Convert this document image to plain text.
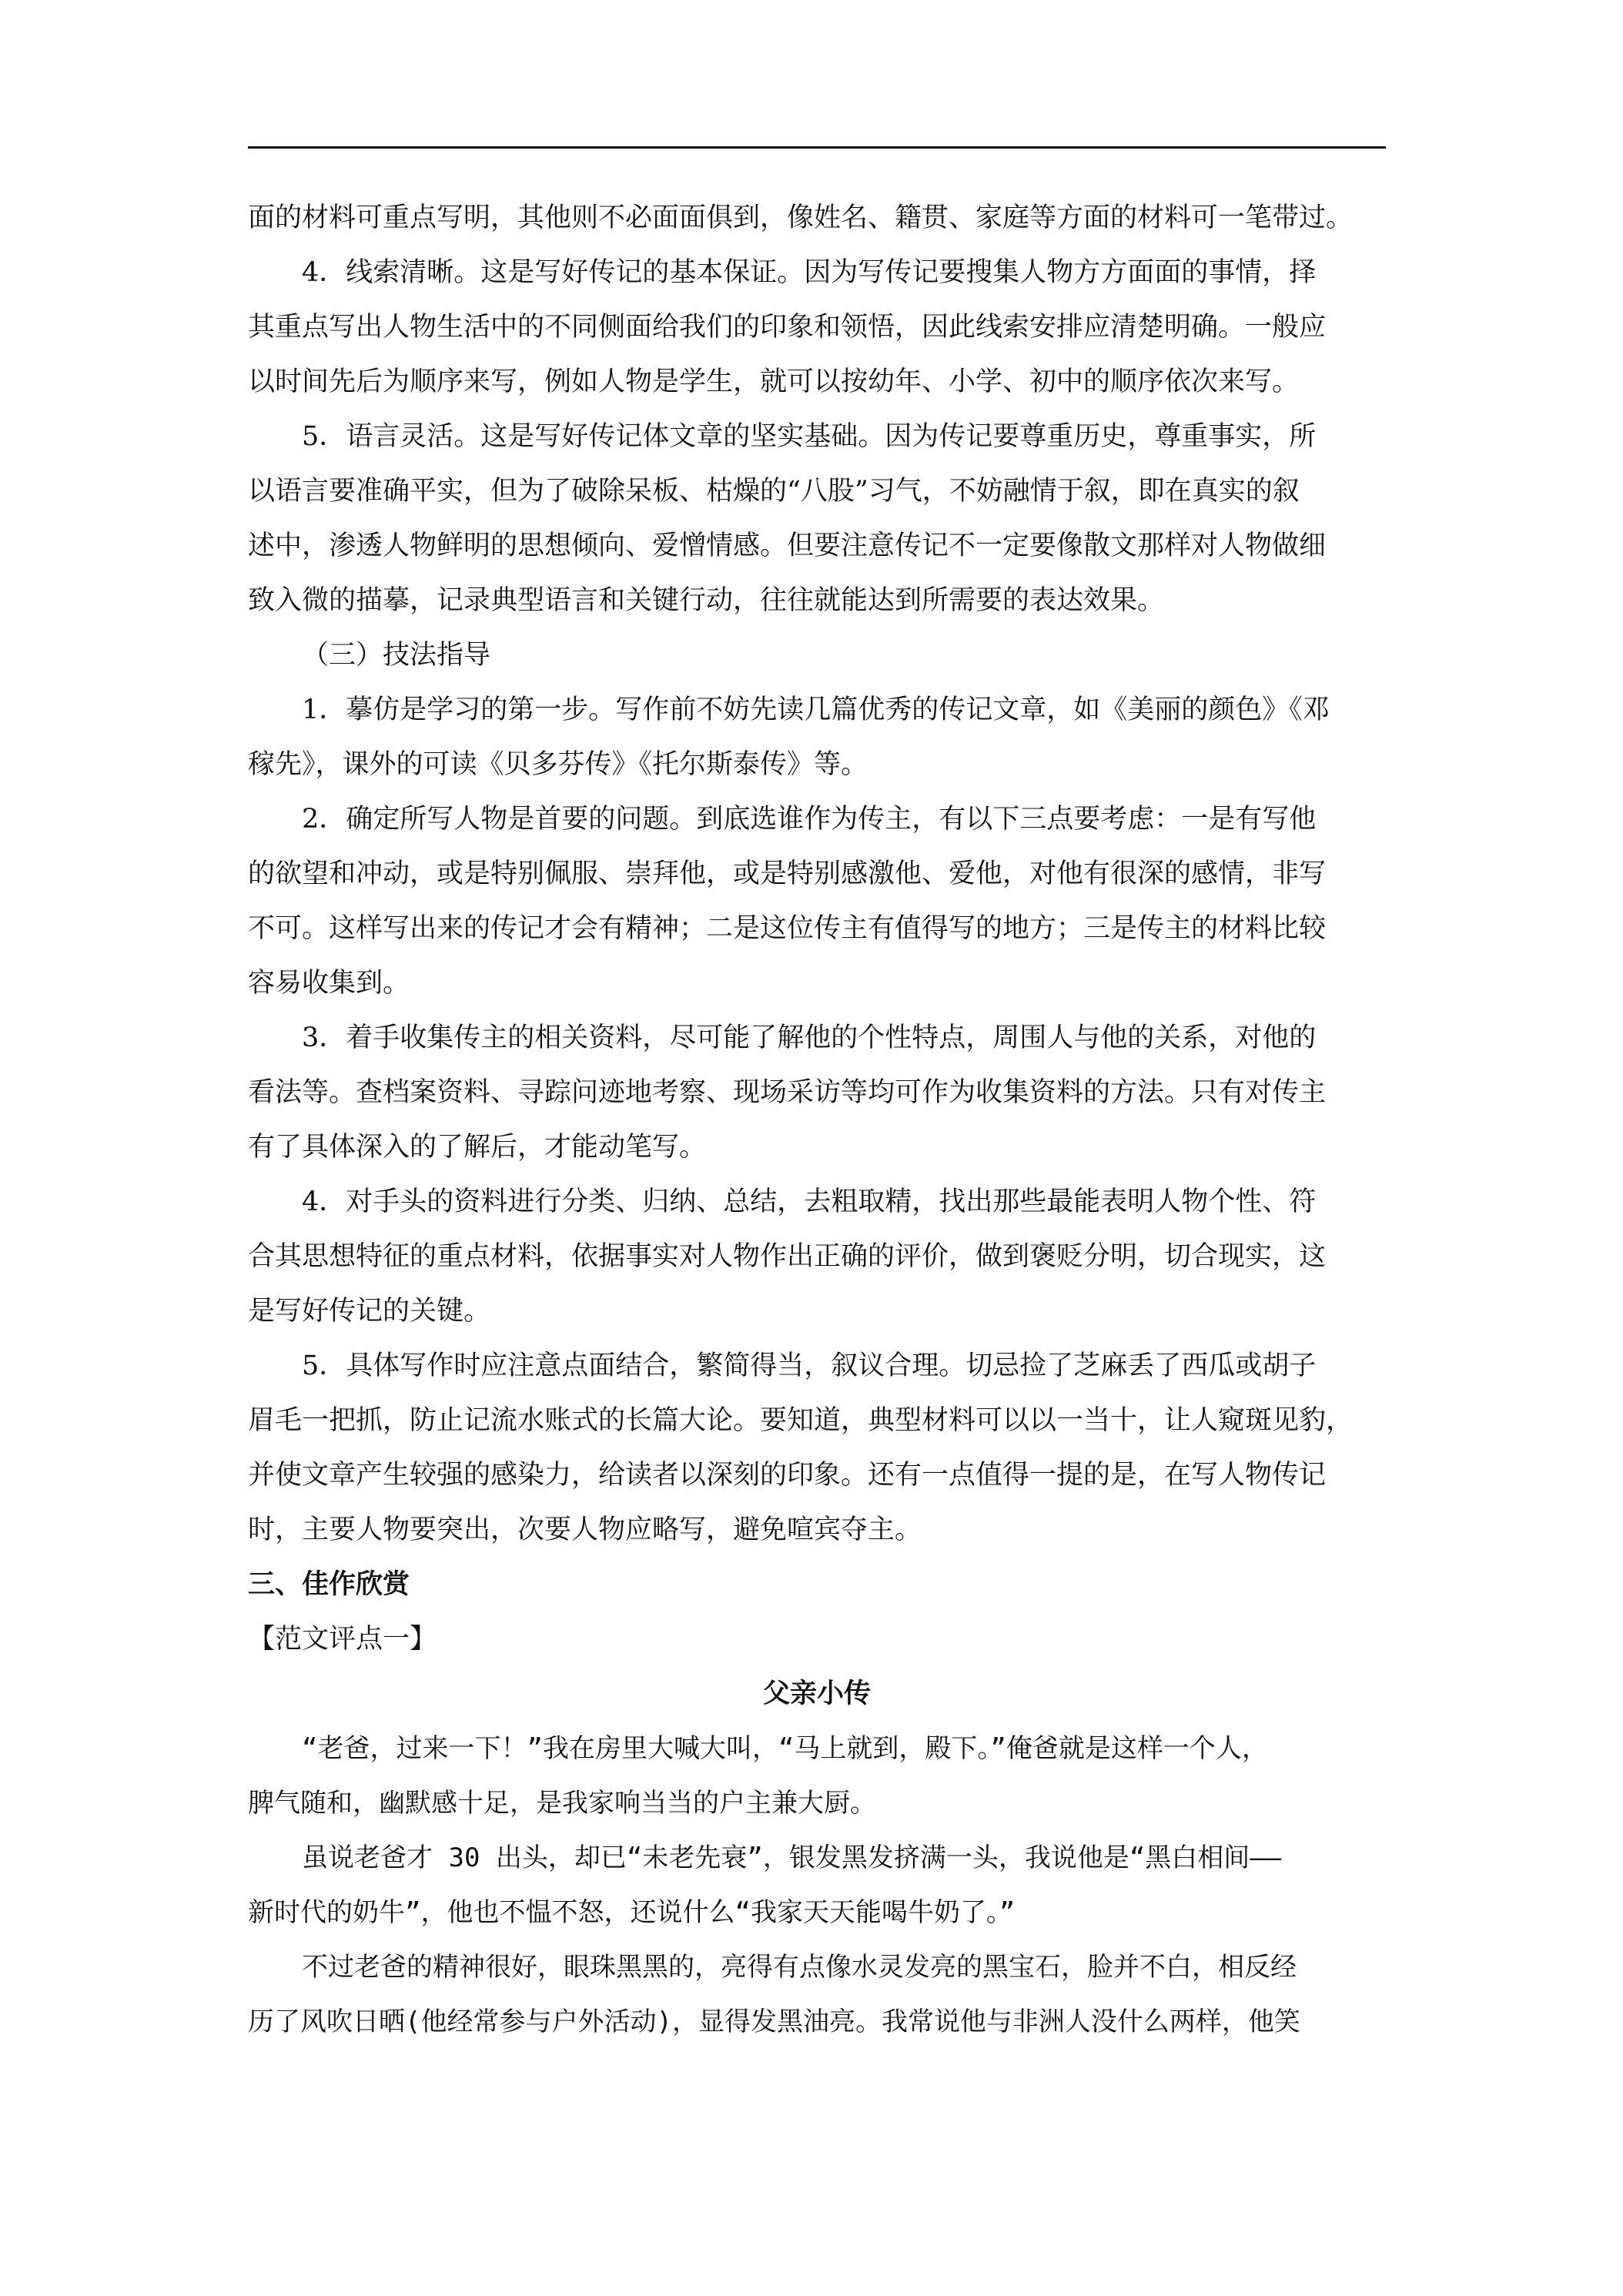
面的材料可重点写明，其他则不必面面俱到，像姓名、籍贯、家庭等方面的材料可一笔带过。

4．线索清晰。这是写好传记的基本保证。因为写传记要搜集人物方方面面的事情，择

其重点写出人物生活中的不同侧面给我们的印象和领悟，因此线索安排应清楚明确。一般应

以时间先后为顺序来写，例如人物是学生，就可以按幼年、小学、初中的顺序依次来写。

5．语言灵活。这是写好传记体文章的坚实基础。因为传记要尊重历史，尊重事实，所

以语言要准确平实，但为了破除呆板、枯燥的“八股”习气，不妨融情于叙，即在真实的叙

述中，渗透人物鲜明的思想倾向、爱憎情感。但要注意传记不一定要像散文那样对人物做细

致入微的描摹，记录典型语言和关键行动，往往就能达到所需要的表达效果。

（三）技法指导

1．摹仿是学习的第一步。写作前不妨先读几篇优秀的传记文章，如《美丽的颜色》《邓

稼先》，课外的可读《贝多芬传》《托尔斯泰传》等。

2．确定所写人物是首要的问题。到底选谁作为传主，有以下三点要考虑：一是有写他

的欲望和冲动，或是特别佩服、崇拜他，或是特别感激他、爱他，对他有很深的感情，非写

不可。这样写出来的传记才会有精神；二是这位传主有值得写的地方；三是传主的材料比较

容易收集到。

3．着手收集传主的相关资料，尽可能了解他的个性特点，周围人与他的关系，对他的

看法等。查档案资料、寻踪问迹地考察、现场采访等均可作为收集资料的方法。只有对传主

有了具体深入的了解后，才能动笔写。

4．对手头的资料进行分类、归纳、总结，去粗取精，找出那些最能表明人物个性、符

合其思想特征的重点材料，依据事实对人物作出正确的评价，做到褒贬分明，切合现实，这

是写好传记的关键。

5．具体写作时应注意点面结合，繁简得当，叙议合理。切忌捡了芝麻丢了西瓜或胡子

眉毛一把抓，防止记流水账式的长篇大论。要知道，典型材料可以以一当十，让人窥斑见豹，

并使文章产生较强的感染力，给读者以深刻的印象。还有一点值得一提的是，在写人物传记

时，主要人物要突出，次要人物应略写，避免喧宾夺主。

三、佳作欣赏

【范文评点一】

父亲小传

“老爸，过来一下！”我在房里大喊大叫，“马上就到，殿下。”俺爸就是这样一个人，

脾气随和，幽默感十足，是我家响当当的户主兼大厨。

虽说老爸才 30 出头，却已“未老先衰”，银发黑发挤满一头，我说他是“黑白相间——

新时代的奶牛”，他也不愠不怒，还说什么“我家天天能喝牛奶了。”

不过老爸的精神很好，眼珠黑黑的，亮得有点像水灵发亮的黑宝石，脸并不白，相反经

历了风吹日晒(他经常参与户外活动)，显得发黑油亮。我常说他与非洲人没什么两样，他笑
